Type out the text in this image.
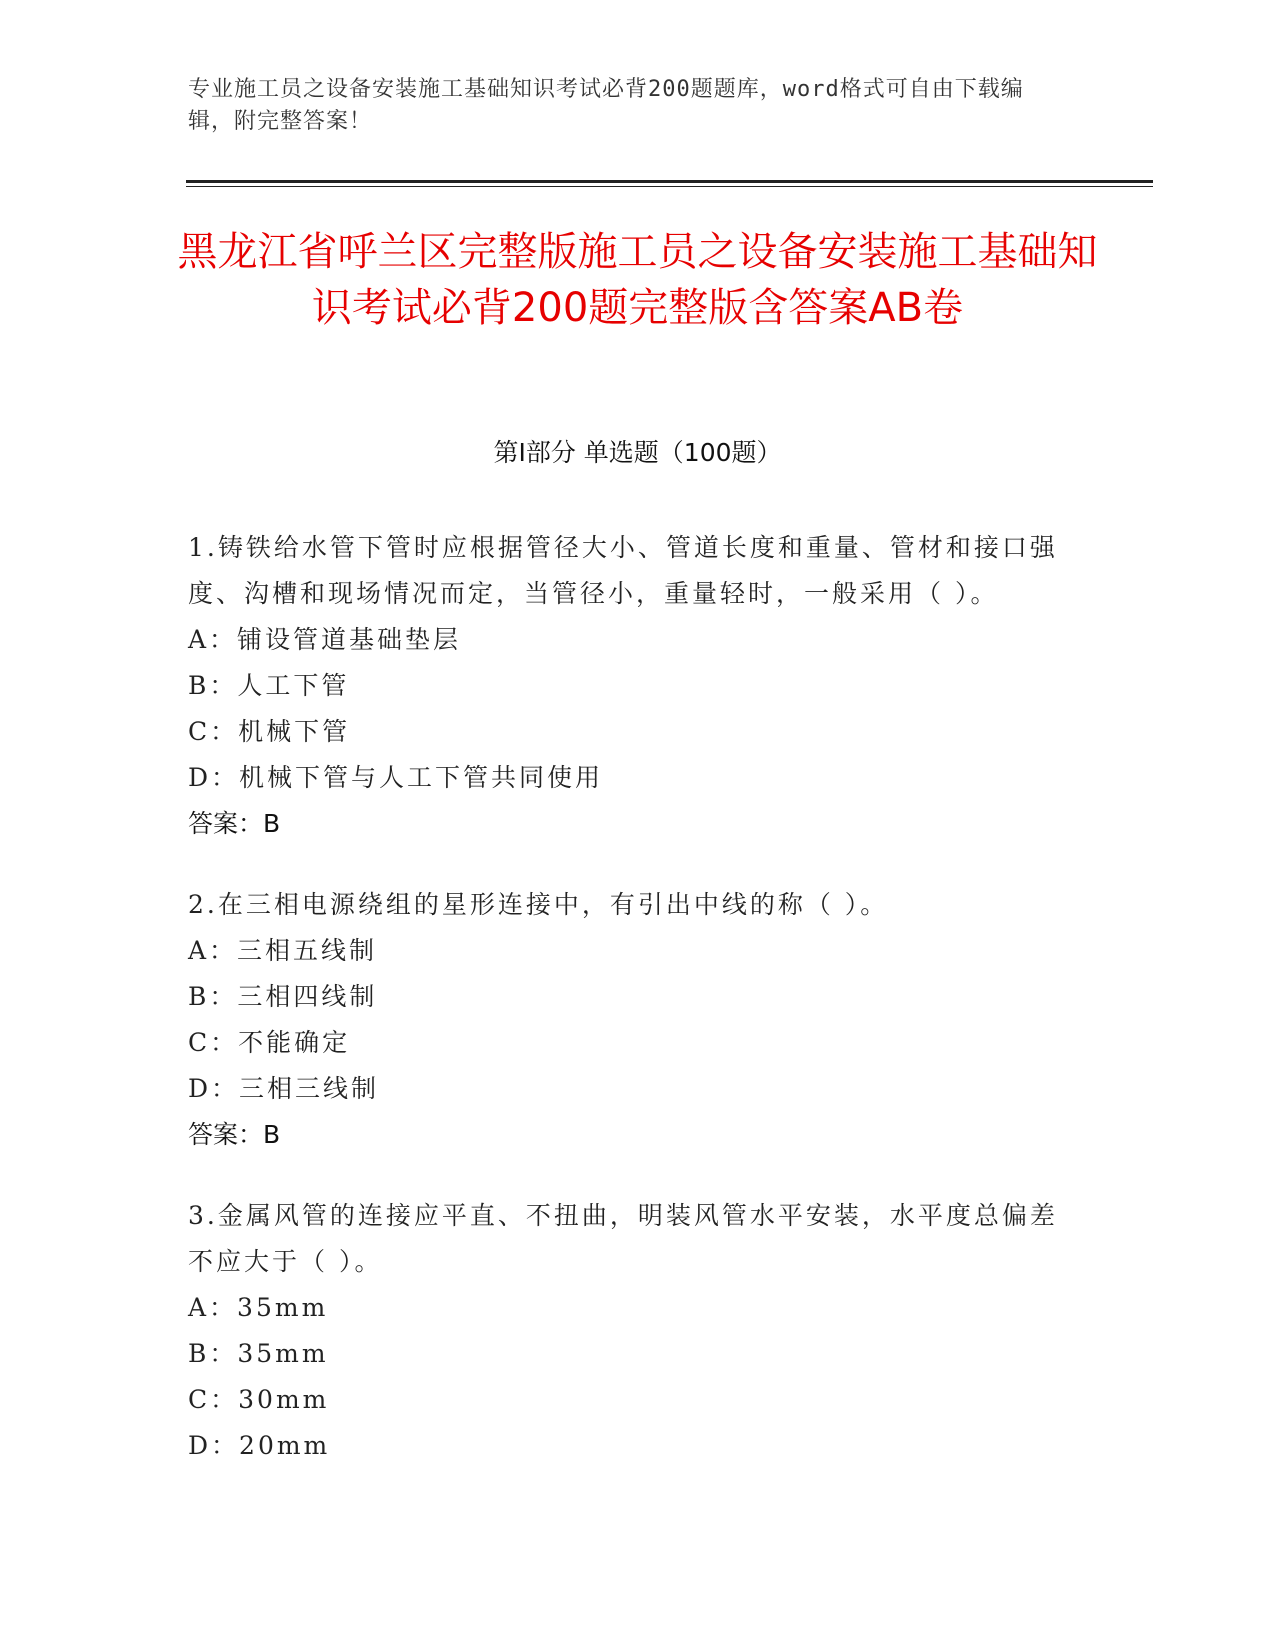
专业施工员之设备安装施工基础知识考试必背200题题库，word格式可自由下载编辑，附完整答案！
黑龙江省呼兰区完整版施工员之设备安装施工基础知识考试必背200题完整版含答案AB卷
第I部分 单选题（100题）
1.铸铁给水管下管时应根据管径大小、管道长度和重量、管材和接口强度、沟槽和现场情况而定，当管径小，重量轻时，一般采用（ ）。
A：铺设管道基础垫层
B：人工下管
C：机械下管
D：机械下管与人工下管共同使用
答案：B
2.在三相电源绕组的星形连接中，有引出中线的称（ ）。
A：三相五线制
B：三相四线制
C：不能确定
D：三相三线制
答案：B
3.金属风管的连接应平直、不扭曲，明装风管水平安装，水平度总偏差不应大于（ ）。
A：35mm
B：35mm
C：30mm
D：20mm
